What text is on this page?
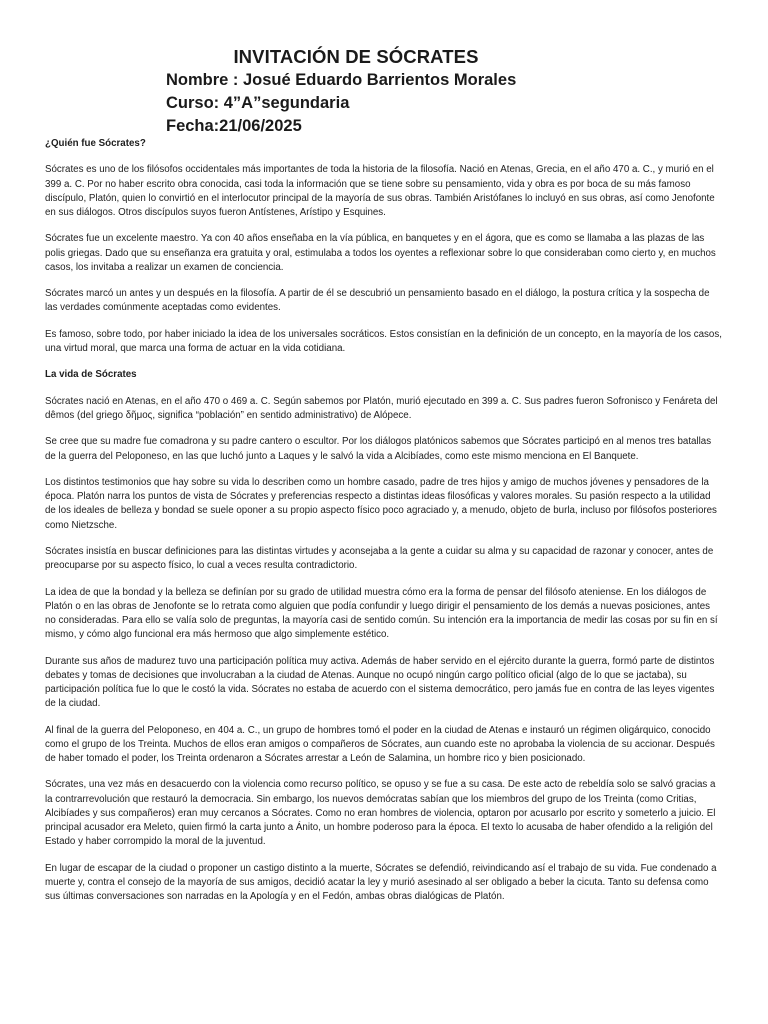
INVITACIÓN DE SÓCRATES

Nombre : Josué Eduardo Barrientos Morales

Curso: 4”A”segundaria

Fecha:21/06/2025

¿Quién fue Sócrates?

Sócrates es uno de los filósofos occidentales más importantes de toda la historia de la filosofía. Nació en Atenas, Grecia, en el año 470 a. C., y murió en el 399 a. C. Por no haber escrito obra conocida, casi toda la información que se tiene sobre su pensamiento, vida y obra es por boca de su más famoso discípulo, Platón, quien lo convirtió en el interlocutor principal de la mayoría de sus obras. También Aristófanes lo incluyó en sus obras, así como Jenofonte en sus diálogos. Otros discípulos suyos fueron Antístenes, Arístipo y Esquines.

Sócrates fue un excelente maestro. Ya con 40 años enseñaba en la vía pública, en banquetes y en el ágora, que es como se llamaba a las plazas de las polis griegas. Dado que su enseñanza era gratuita y oral, estimulaba a todos los oyentes a reflexionar sobre lo que consideraban como cierto y, en muchos casos, los invitaba a realizar un examen de conciencia.

Sócrates marcó un antes y un después en la filosofía. A partir de él se descubrió un pensamiento basado en el diálogo, la postura crítica y la sospecha de las verdades comúnmente aceptadas como evidentes.

Es famoso, sobre todo, por haber iniciado la idea de los universales socráticos. Estos consistían en la definición de un concepto, en la mayoría de los casos, una virtud moral, que marca una forma de actuar en la vida cotidiana.

La vida de Sócrates

Sócrates nació en Atenas, en el año 470 o 469 a. C. Según sabemos por Platón, murió ejecutado en 399 a. C. Sus padres fueron Sofronisco y Fenáreta del dêmos (del griego δῆμος, significa “población” en sentido administrativo) de Alópece.

Se cree que su madre fue comadrona y su padre cantero o escultor. Por los diálogos platónicos sabemos que Sócrates participó en al menos tres batallas de la guerra del Peloponeso, en las que luchó junto a Laques y le salvó la vida a Alcibíades, como este mismo menciona en El Banquete.

Los distintos testimonios que hay sobre su vida lo describen como un hombre casado, padre de tres hijos y amigo de muchos jóvenes y pensadores de la época. Platón narra los puntos de vista de Sócrates y preferencias respecto a distintas ideas filosóficas y valores morales. Su pasión respecto a la utilidad de los ideales de belleza y bondad se suele oponer a su propio aspecto físico poco agraciado y, a menudo, objeto de burla, incluso por filósofos posteriores como Nietzsche.

Sócrates insistía en buscar definiciones para las distintas virtudes y aconsejaba a la gente a cuidar su alma y su capacidad de razonar y conocer, antes de preocuparse por su aspecto físico, lo cual a veces resulta contradictorio.

La idea de que la bondad y la belleza se definían por su grado de utilidad muestra cómo era la forma de pensar del filósofo ateniense. En los diálogos de Platón o en las obras de Jenofonte se lo retrata como alguien que podía confundir y luego dirigir el pensamiento de los demás a nuevas posiciones, antes no consideradas. Para ello se valía solo de preguntas, la mayoría casi de sentido común. Su intención era la importancia de medir las cosas por su fin en sí mismo, y cómo algo funcional era más hermoso que algo simplemente estético.

Durante sus años de madurez tuvo una participación política muy activa. Además de haber servido en el ejército durante la guerra, formó parte de distintos debates y tomas de decisiones que involucraban a la ciudad de Atenas. Aunque no ocupó ningún cargo político oficial (algo de lo que se jactaba), su participación política fue lo que le costó la vida. Sócrates no estaba de acuerdo con el sistema democrático, pero jamás fue en contra de las leyes vigentes de la ciudad.

Al final de la guerra del Peloponeso, en 404 a. C., un grupo de hombres tomó el poder en la ciudad de Atenas e instauró un régimen oligárquico, conocido como el grupo de los Treinta. Muchos de ellos eran amigos o compañeros de Sócrates, aun cuando este no aprobaba la violencia de su accionar. Después de haber tomado el poder, los Treinta ordenaron a Sócrates arrestar a León de Salamina, un hombre rico y bien posicionado.

Sócrates, una vez más en desacuerdo con la violencia como recurso político, se opuso y se fue a su casa. De este acto de rebeldía solo se salvó gracias a la contrarrevolución que restauró la democracia. Sin embargo, los nuevos demócratas sabían que los miembros del grupo de los Treinta (como Critias, Alcibíades y sus compañeros) eran muy cercanos a Sócrates. Como no eran hombres de violencia, optaron por acusarlo por escrito y someterlo a juicio. El principal acusador era Meleto, quien firmó la carta junto a Ánito, un hombre poderoso para la época. El texto lo acusaba de haber ofendido a la religión del Estado y haber corrompido la moral de la juventud.

En lugar de escapar de la ciudad o proponer un castigo distinto a la muerte, Sócrates se defendió, reivindicando así el trabajo de su vida. Fue condenado a muerte y, contra el consejo de la mayoría de sus amigos, decidió acatar la ley y murió asesinado al ser obligado a beber la cicuta. Tanto su defensa como sus últimas conversaciones son narradas en la Apología y en el Fedón, ambas obras dialógicas de Platón.
